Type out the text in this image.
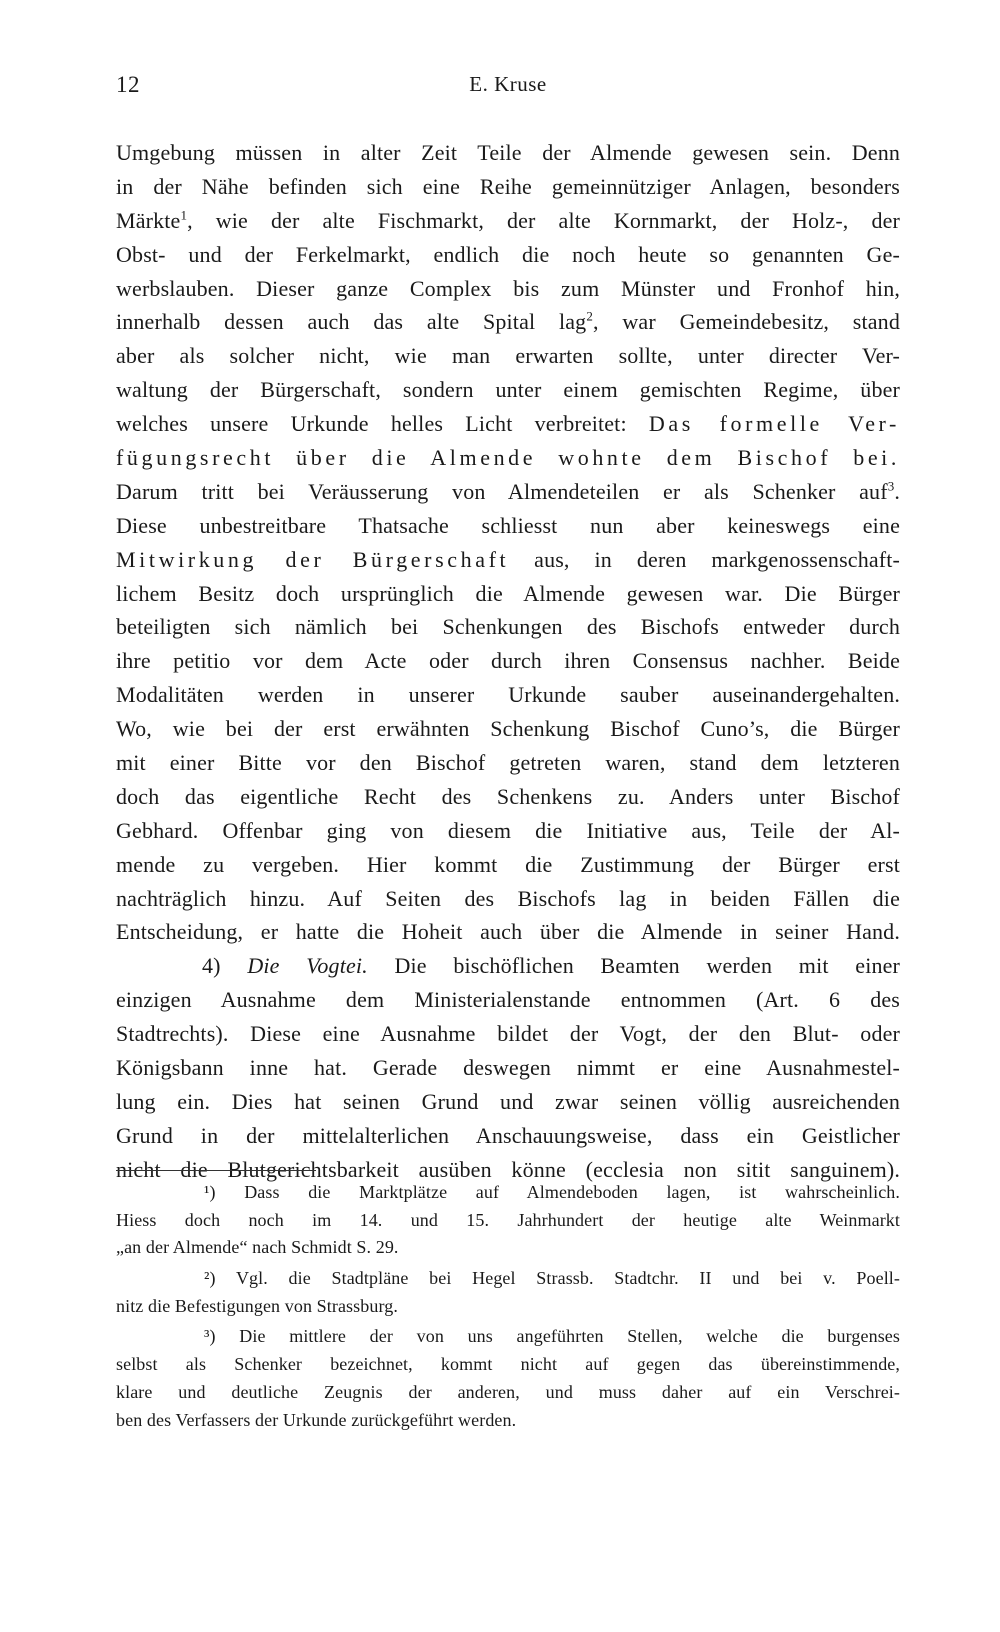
12	E. Kruse
Umgebung müssen in alter Zeit Teile der Almende gewesen sein. Denn
in der Nähe befinden sich eine Reihe gemeinnütziger Anlagen, besonders
Märkte$^1$, wie der alte Fischmarkt, der alte Kornmarkt, der Holz-, der
Obst- und der Ferkelmarkt, endlich die noch heute so genannten Ge-
werbslauben. Dieser ganze Complex bis zum Münster und Fronhof hin,
innerhalb dessen auch das alte Spital lag$^2$, war Gemeindebesitz, stand
aber als solcher nicht, wie man erwarten sollte, unter directer Ver-
waltung der Bürgerschaft, sondern unter einem gemischten Regime, über
welches unsere Urkunde helles Licht verbreitet: Das formelle Ver-
fügungsrecht über die Almende wohnte dem Bischof bei.
Darum tritt bei Veräusserung von Almendeteilen er als Schenker auf$^3$.
Diese unbestreitbare Thatsache schliesst nun aber keineswegs eine
Mitwirkung der Bürgerschaft aus, in deren markgenossenschaft-
lichem Besitz doch ursprünglich die Almende gewesen war. Die Bürger
beteiligten sich nämlich bei Schenkungen des Bischofs entweder durch
ihre petitio vor dem Acte oder durch ihren Consensus nachher. Beide
Modalitäten werden in unserer Urkunde sauber auseinandergehalten.
Wo, wie bei der erst erwähnten Schenkung Bischof Cuno’s, die Bürger
mit einer Bitte vor den Bischof getreten waren, stand dem letzteren
doch das eigentliche Recht des Schenkens zu. Anders unter Bischof
Gebhard. Offenbar ging von diesem die Initiative aus, Teile der Al-
mende zu vergeben. Hier kommt die Zustimmung der Bürger erst
nachträglich hinzu. Auf Seiten des Bischofs lag in beiden Fällen die
Entscheidung, er hatte die Hoheit auch über die Almende in seiner Hand.
4) Die Vogtei. Die bischöflichen Beamten werden mit einer
einzigen Ausnahme dem Ministerialenstande entnommen (Art. 6 des
Stadtrechts). Diese eine Ausnahme bildet der Vogt, der den Blut- oder
Königsbann inne hat. Gerade deswegen nimmt er eine Ausnahmestel-
lung ein. Dies hat seinen Grund und zwar seinen völlig ausreichenden
Grund in der mittelalterlichen Anschauungsweise, dass ein Geistlicher
nicht die Blutgerichtsbarkeit ausüben könne (ecclesia non sitit sanguinem).
¹) Dass die Marktplätze auf Almendeboden lagen, ist wahrscheinlich.
Hiess doch noch im 14. und 15. Jahrhundert der heutige alte Weinmarkt
„an der Almende“ nach Schmidt S. 29.
²) Vgl. die Stadtpläne bei Hegel Strassb. Stadtchr. II und bei v. Poell-
nitz die Befestigungen von Strassburg.
³) Die mittlere der von uns angeführten Stellen, welche die burgenses
selbst als Schenker bezeichnet, kommt nicht auf gegen das übereinstimmende,
klare und deutliche Zeugnis der anderen, und muss daher auf ein Verschrei-
ben des Verfassers der Urkunde zurückgeführt werden.
